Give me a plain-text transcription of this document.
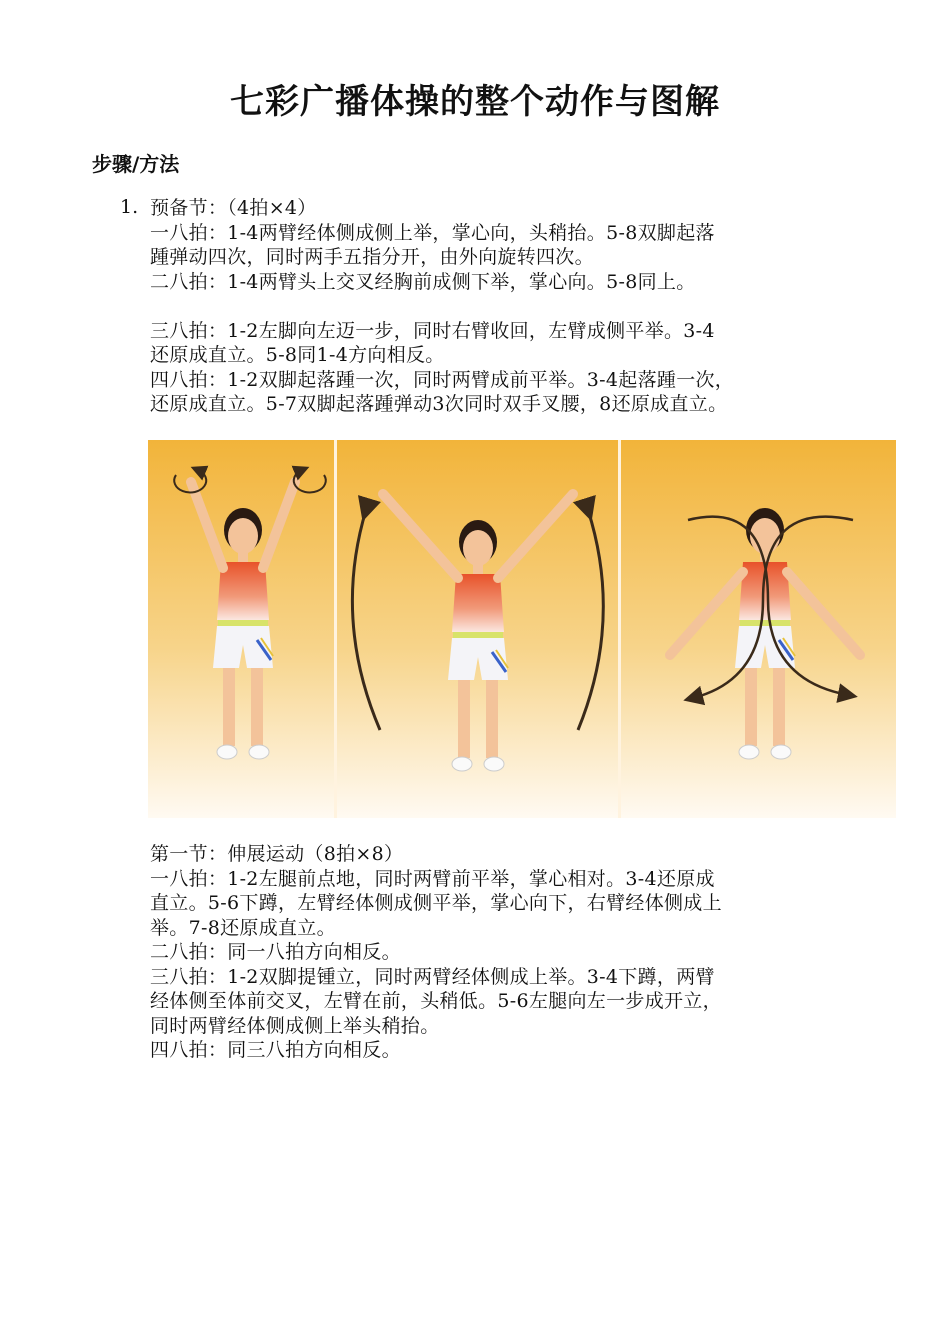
七彩广播体操的整个动作与图解
步骤/方法
1. 预备节：（4拍×4）
一八拍：1-4两臂经体侧成侧上举，掌心向，头稍抬。5-8双脚起落
踵弹动四次，同时两手五指分开，由外向旋转四次。
二八拍：1-4两臂头上交叉经胸前成侧下举，掌心向。5-8同上。
三八拍：1-2左脚向左迈一步，同时右臂收回，左臂成侧平举。3-4
还原成直立。5-8同1-4方向相反。
四八拍：1-2双脚起落踵一次，同时两臂成前平举。3-4起落踵一次，
还原成直立。5-7双脚起落踵弹动3次同时双手叉腰，8还原成直立。
第一节：伸展运动（8拍×8）
一八拍：1-2左腿前点地，同时两臂前平举，掌心相对。3-4还原成
直立。5-6下蹲，左臂经体侧成侧平举，掌心向下，右臂经体侧成上
举。7-8还原成直立。
二八拍：同一八拍方向相反。
三八拍：1-2双脚提锺立，同时两臂经体侧成上举。3-4下蹲，两臂
经体侧至体前交叉，左臂在前，头稍低。5-6左腿向左一步成开立，
同时两臂经体侧成侧上举头稍抬。
四八拍：同三八拍方向相反。
